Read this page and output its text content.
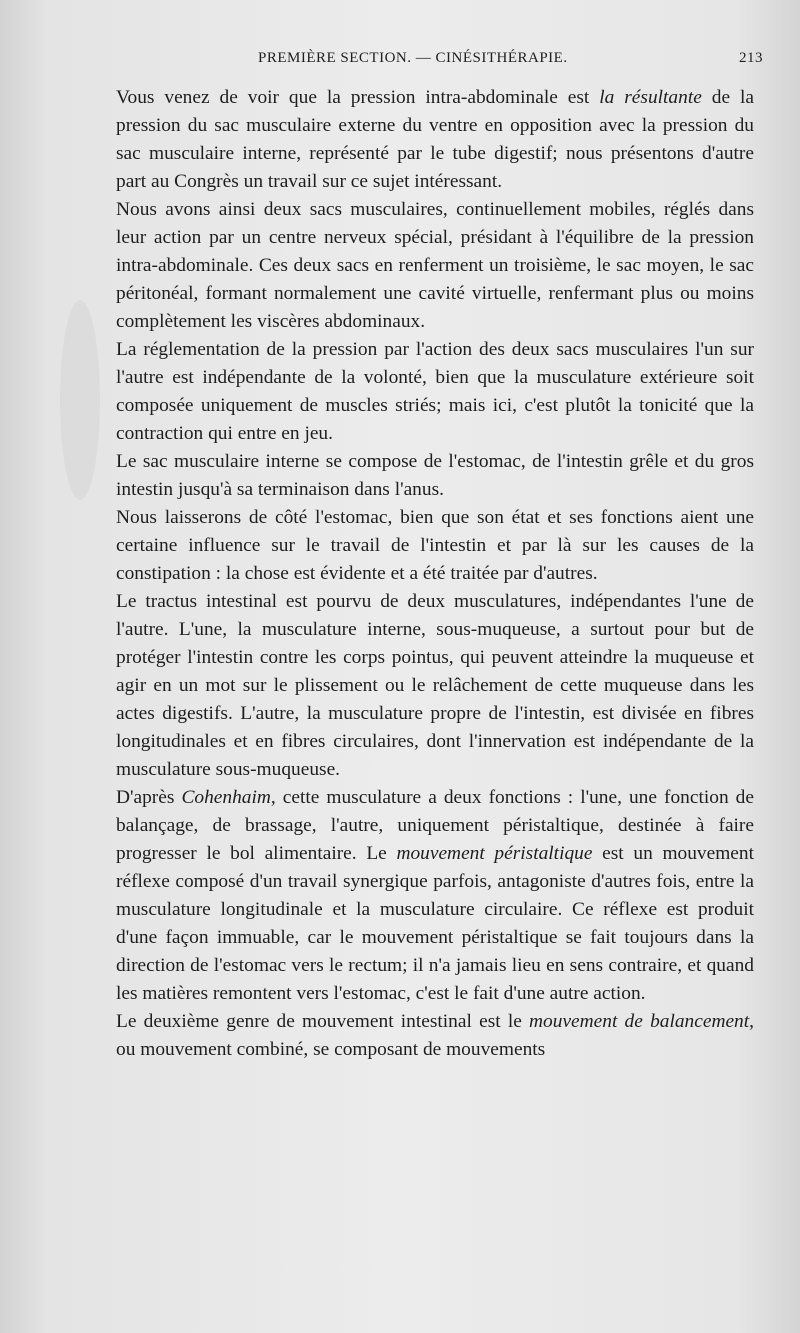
PREMIÈRE SECTION. — CINÉSITHÉRAPIE.	213

Vous venez de voir que la pression intra-abdominale est la résultante de la pression du sac musculaire externe du ventre en opposition avec la pression du sac musculaire interne, représenté par le tube digestif; nous présentons d'autre part au Congrès un travail sur ce sujet intéressant.

Nous avons ainsi deux sacs musculaires, continuellement mobiles, réglés dans leur action par un centre nerveux spécial, présidant à l'équilibre de la pression intra-abdominale. Ces deux sacs en renferment un troisième, le sac moyen, le sac péritonéal, formant normalement une cavité virtuelle, renfermant plus ou moins complètement les viscères abdominaux.

La réglementation de la pression par l'action des deux sacs musculaires l'un sur l'autre est indépendante de la volonté, bien que la musculature extérieure soit composée uniquement de muscles striés; mais ici, c'est plutôt la tonicité que la contraction qui entre en jeu.

Le sac musculaire interne se compose de l'estomac, de l'intestin grêle et du gros intestin jusqu'à sa terminaison dans l'anus.

Nous laisserons de côté l'estomac, bien que son état et ses fonctions aient une certaine influence sur le travail de l'intestin et par là sur les causes de la constipation : la chose est évidente et a été traitée par d'autres.

Le tractus intestinal est pourvu de deux musculatures, indépendantes l'une de l'autre. L'une, la musculature interne, sous-muqueuse, a surtout pour but de protéger l'intestin contre les corps pointus, qui peuvent atteindre la muqueuse et agir en un mot sur le plissement ou le relâchement de cette muqueuse dans les actes digestifs. L'autre, la musculature propre de l'intestin, est divisée en fibres longitudinales et en fibres circulaires, dont l'innervation est indépendante de la musculature sous-muqueuse.

D'après Cohenhaim, cette musculature a deux fonctions : l'une, une fonction de balançage, de brassage, l'autre, uniquement péristaltique, destinée à faire progresser le bol alimentaire. Le mouvement péristaltique est un mouvement réflexe composé d'un travail synergique parfois, antagoniste d'autres fois, entre la musculature longitudinale et la musculature circulaire. Ce réflexe est produit d'une façon immuable, car le mouvement péristaltique se fait toujours dans la direction de l'estomac vers le rectum; il n'a jamais lieu en sens contraire, et quand les matières remontent vers l'estomac, c'est le fait d'une autre action.

Le deuxième genre de mouvement intestinal est le mouvement de balancement, ou mouvement combiné, se composant de mouvements
